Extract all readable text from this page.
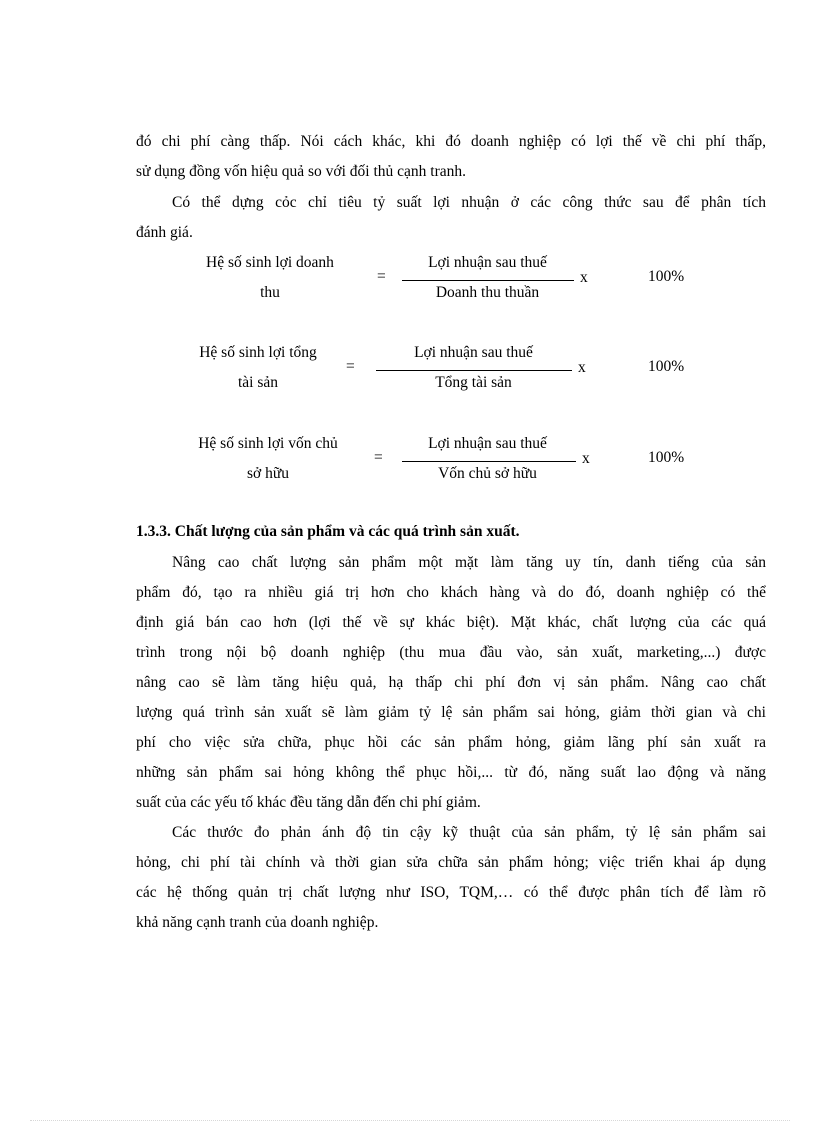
đó chi phí càng thấp. Nói cách khác, khi đó doanh nghiệp có lợi thế về chi phí thấp,
sử dụng đồng vốn hiệu quả so với đối thủ cạnh tranh.
Có thể dựng cỏc chỉ tiêu tỷ suất lợi nhuận ở các công thức sau để phân tích
đánh giá.
Hệ số sinh lợi doanh
thu
=
Lợi nhuận sau thuế
Doanh thu thuần
x	100%
Hệ số sinh lợi tổng
tài sản
=
Lợi nhuận sau thuế
Tổng tài sản
x	100%
Hệ số sinh lợi vốn chủ
sở hữu
=
Lợi nhuận sau thuế
Vốn chủ sở hữu
x	100%
1.3.3. Chất lượng của sản phẩm và các quá trình sản xuất.
Nâng cao chất lượng sản phẩm một mặt làm tăng uy tín, danh tiếng của sản
phẩm đó, tạo ra nhiều giá trị hơn cho khách hàng và do đó, doanh nghiệp có thể
định giá bán cao hơn (lợi thế về sự khác biệt). Mặt khác, chất lượng của các quá
trình trong nội bộ doanh nghiệp (thu mua đầu vào, sản xuất, marketing,...) được
nâng cao sẽ làm tăng hiệu quả, hạ thấp chi phí đơn vị sản phẩm. Nâng cao chất
lượng quá trình sản xuất sẽ làm giảm tỷ lệ sản phẩm sai hỏng, giảm thời gian và chi
phí cho việc sửa chữa, phục hồi các sản phẩm hỏng, giảm lãng phí sản xuất ra
những sản phẩm sai hỏng không thể phục hồi,... từ đó, năng suất lao động và năng
suất của các yếu tố khác đều tăng dẫn đến chi phí giảm.
Các thước đo phản ánh độ tin cậy kỹ thuật của sản phẩm, tỷ lệ sản phẩm sai
hỏng, chi phí tài chính và thời gian sửa chữa sản phẩm hỏng; việc triển khai áp dụng
các hệ thống quản trị chất lượng như ISO, TQM,… có thể được phân tích để làm rõ
khả năng cạnh tranh của doanh nghiệp.
